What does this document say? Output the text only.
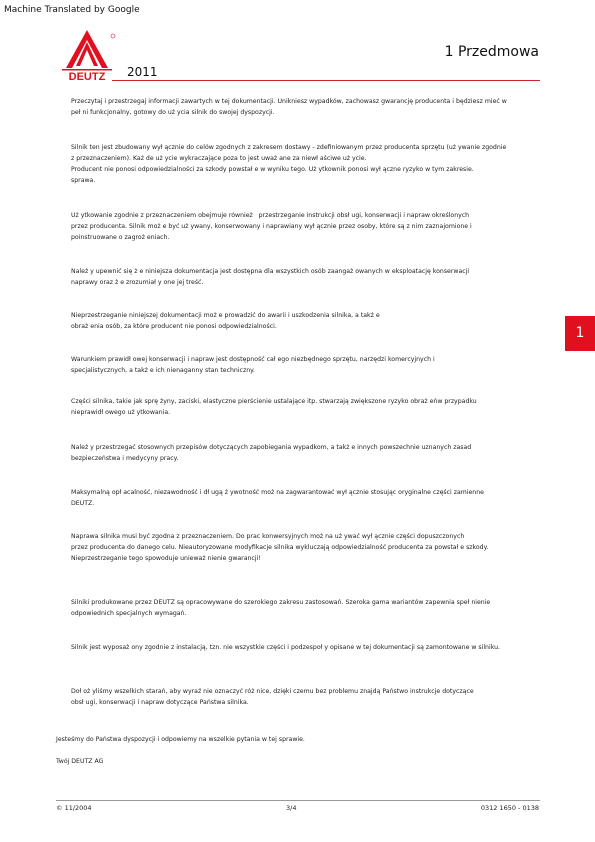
Machine Translated by Google
DEUTZ 2011
1 Przedmowa
1
Przeczytaj i przestrzegaj informacji zawartych w tej dokumentacji. Unikniesz wypadków, zachowasz gwarancję producenta i będziesz mieć w
peł ni funkcjonalny, gotowy do uż ycia silnik do swojej dyspozycji.
Silnik ten jest zbudowany wył ącznie do celów zgodnych z zakresem dostawy - zdefiniowanym przez producenta sprzętu (uż ywanie zgodnie
z przeznaczeniem). Każ de uż ycie wykraczające poza to jest uważ ane za niewł aściwe uż ycie.
Producent nie ponosi odpowiedzialności za szkody powstał e w wyniku tego. Uż ytkownik ponosi wył ączne ryzyko w tym zakresie.
sprawa.
Uż ytkowanie zgodnie z przeznaczeniem obejmuje również   przestrzeganie instrukcji obsł ugi, konserwacji i napraw określonych
przez producenta. Silnik moż e być uż ywany, konserwowany i naprawiany wył ącznie przez osoby, które są z nim zaznajomione i
poinstruowane o zagroż eniach.
Należ y upewnić się ż e niniejsza dokumentacja jest dostępna dla wszystkich osób zaangaż owanych w eksploatację konserwacji
naprawy oraz ż e zrozumiał y one jej treść.
Nieprzestrzeganie niniejszej dokumentacji moż e prowadzić do awarii i uszkodzenia silnika, a takż e
obraż enia osób, za które producent nie ponosi odpowiedzialności.
Warunkiem prawidł owej konserwacji i napraw jest dostępność cał ego niezbędnego sprzętu, narzędzi komercyjnych i
specjalistycznych, a takż e ich nienaganny stan techniczny.
Części silnika, takie jak sprę żyny, zaciski, elastyczne pierścienie ustalające itp. stwarzają zwiększone ryzyko obraż eńw przypadku
nieprawidł owego uż ytkowania.
Należ y przestrzegać stosownych przepisów dotyczących zapobiegania wypadkom, a takż e innych powszechnie uznanych zasad
bezpieczeństwa i medycyny pracy.
Maksymalną opł acalność, niezawodność i dł ugą ż ywotność moż na zagwarantować wył ącznie stosując oryginalne części zamienne
DEUTZ.
Naprawa silnika musi być zgodna z przeznaczeniem. Do prac konwersyjnych moż na uż ywać wył ącznie części dopuszczonych
przez producenta do danego celu. Nieautoryzowane modyfikacje silnika wykluczają odpowiedzialność producenta za powstał e szkody.
Nieprzestrzeganie tego spowoduje unieważ nienie gwarancji!
Silniki produkowane przez DEUTZ są opracowywane do szerokiego zakresu zastosowań. Szeroka gama wariantów zapewnia speł nienie
odpowiednich specjalnych wymagań.
Silnik jest wyposaż ony zgodnie z instalacją, tzn. nie wszystkie części i podzespoł y opisane w tej dokumentacji są zamontowane w silniku.
Doł oż yliśmy wszelkich starań, aby wyraź nie oznaczyć róż nice, dzięki czemu bez problemu znajdą Państwo instrukcje dotyczące
obsł ugi, konserwacji i napraw dotyczące Państwa silnika.
Jesteśmy do Państwa dyspozycji i odpowiemy na wszelkie pytania w tej sprawie.
Twój DEUTZ AG
© 11/2004	3/4	0312 1650 - 0138
